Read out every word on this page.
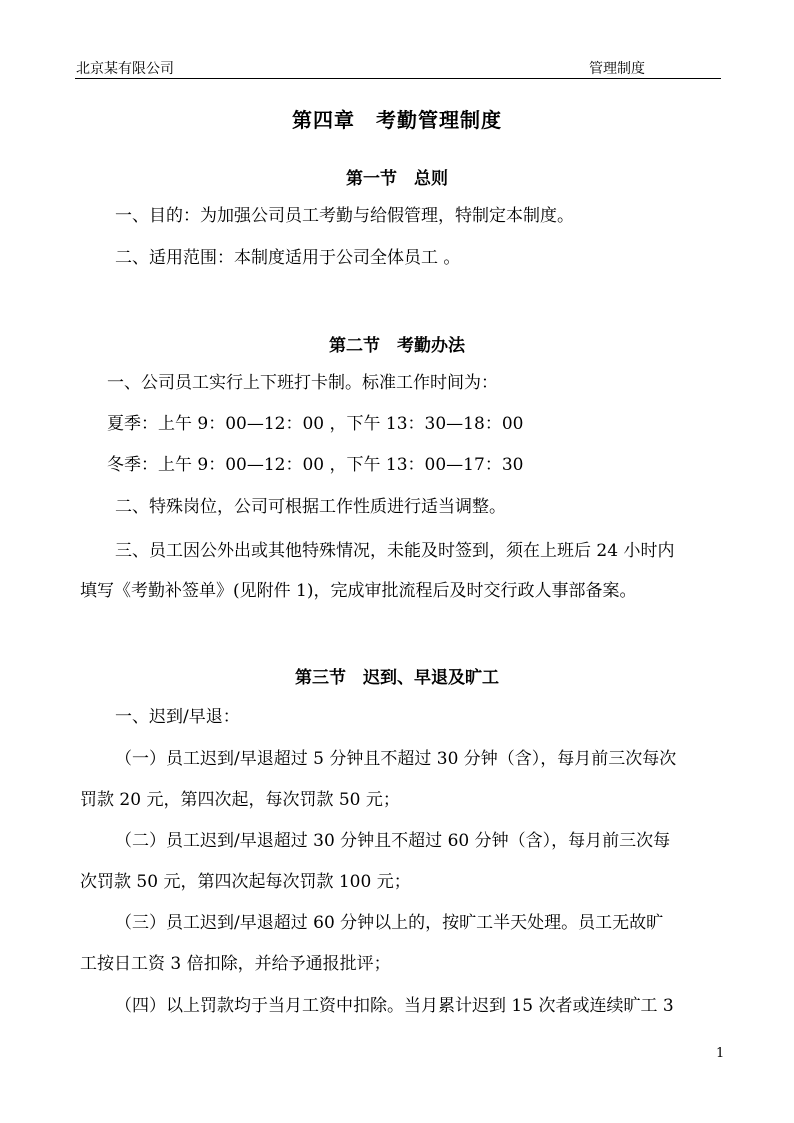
北京某有限公司	管理制度
第四章　考勤管理制度
第一节　总则
一、目的：为加强公司员工考勤与给假管理，特制定本制度。
二、适用范围：本制度适用于公司全体员工 。
第二节　考勤办法
一、公司员工实行上下班打卡制。标准工作时间为：
夏季：上午 9：00—12：00 ，下午 13：30—18：00
冬季：上午 9：00—12：00 ，下午 13：00—17：30
二、特殊岗位，公司可根据工作性质进行适当调整。
三、员工因公外出或其他特殊情况，未能及时签到，须在上班后 24 小时内
填写《考勤补签单》(见附件 1)，完成审批流程后及时交行政人事部备案。
第三节　迟到、早退及旷工
一、迟到/早退：
（一）员工迟到/早退超过 5 分钟且不超过 30 分钟（含），每月前三次每次
罚款 20 元，第四次起，每次罚款 50 元；
（二）员工迟到/早退超过 30 分钟且不超过 60 分钟（含），每月前三次每
次罚款 50 元，第四次起每次罚款 100 元；
（三）员工迟到/早退超过 60 分钟以上的，按旷工半天处理。员工无故旷
工按日工资 3 倍扣除，并给予通报批评；
（四）以上罚款均于当月工资中扣除。当月累计迟到 15 次者或连续旷工 3
1
